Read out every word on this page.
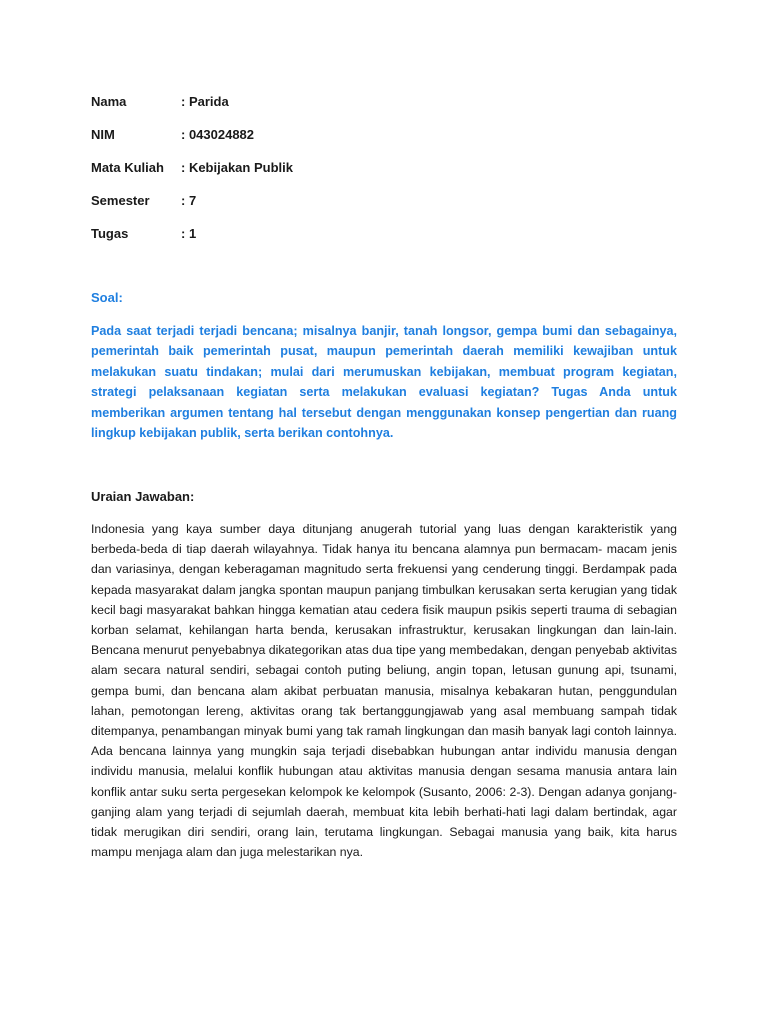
Nama	: Parida
NIM	: 043024882
Mata Kuliah	: Kebijakan Publik
Semester	: 7
Tugas	: 1
Soal:

Pada saat terjadi terjadi bencana; misalnya banjir, tanah longsor, gempa bumi dan sebagainya, pemerintah baik pemerintah pusat, maupun pemerintah daerah memiliki kewajiban untuk melakukan suatu tindakan; mulai dari merumuskan kebijakan, membuat program kegiatan, strategi pelaksanaan kegiatan serta melakukan evaluasi kegiatan? Tugas Anda untuk memberikan argumen tentang hal tersebut dengan menggunakan konsep pengertian dan ruang lingkup kebijakan publik, serta berikan contohnya.

Uraian Jawaban:

Indonesia yang kaya sumber daya ditunjang anugerah tutorial yang luas dengan karakteristik yang berbeda-beda di tiap daerah wilayahnya. Tidak hanya itu bencana alamnya pun bermacam- macam jenis dan variasinya, dengan keberagaman magnitudo serta frekuensi yang cenderung tinggi. Berdampak pada kepada masyarakat dalam jangka spontan maupun panjang timbulkan kerusakan serta kerugian yang tidak kecil bagi masyarakat bahkan hingga kematian atau cedera fisik maupun psikis seperti trauma di sebagian korban selamat, kehilangan harta benda, kerusakan infrastruktur, kerusakan lingkungan dan lain-lain. Bencana menurut penyebabnya dikategorikan atas dua tipe yang membedakan, dengan penyebab aktivitas alam secara natural sendiri, sebagai contoh puting beliung, angin topan, letusan gunung api, tsunami, gempa bumi, dan bencana alam akibat perbuatan manusia, misalnya kebakaran hutan, penggundulan lahan, pemotongan lereng, aktivitas orang tak bertanggungjawab yang asal membuang sampah tidak ditempanya, penambangan minyak bumi yang tak ramah lingkungan dan masih banyak lagi contoh lainnya. Ada bencana lainnya yang mungkin saja terjadi disebabkan hubungan antar individu manusia dengan individu manusia, melalui konflik hubungan atau aktivitas manusia dengan sesama manusia antara lain konflik antar suku serta pergesekan kelompok ke kelompok (Susanto, 2006: 2-3). Dengan adanya gonjang-ganjing alam yang terjadi di sejumlah daerah, membuat kita lebih berhati-hati lagi dalam bertindak, agar tidak merugikan diri sendiri, orang lain, terutama lingkungan. Sebagai manusia yang baik, kita harus mampu menjaga alam dan juga melestarikan nya.
